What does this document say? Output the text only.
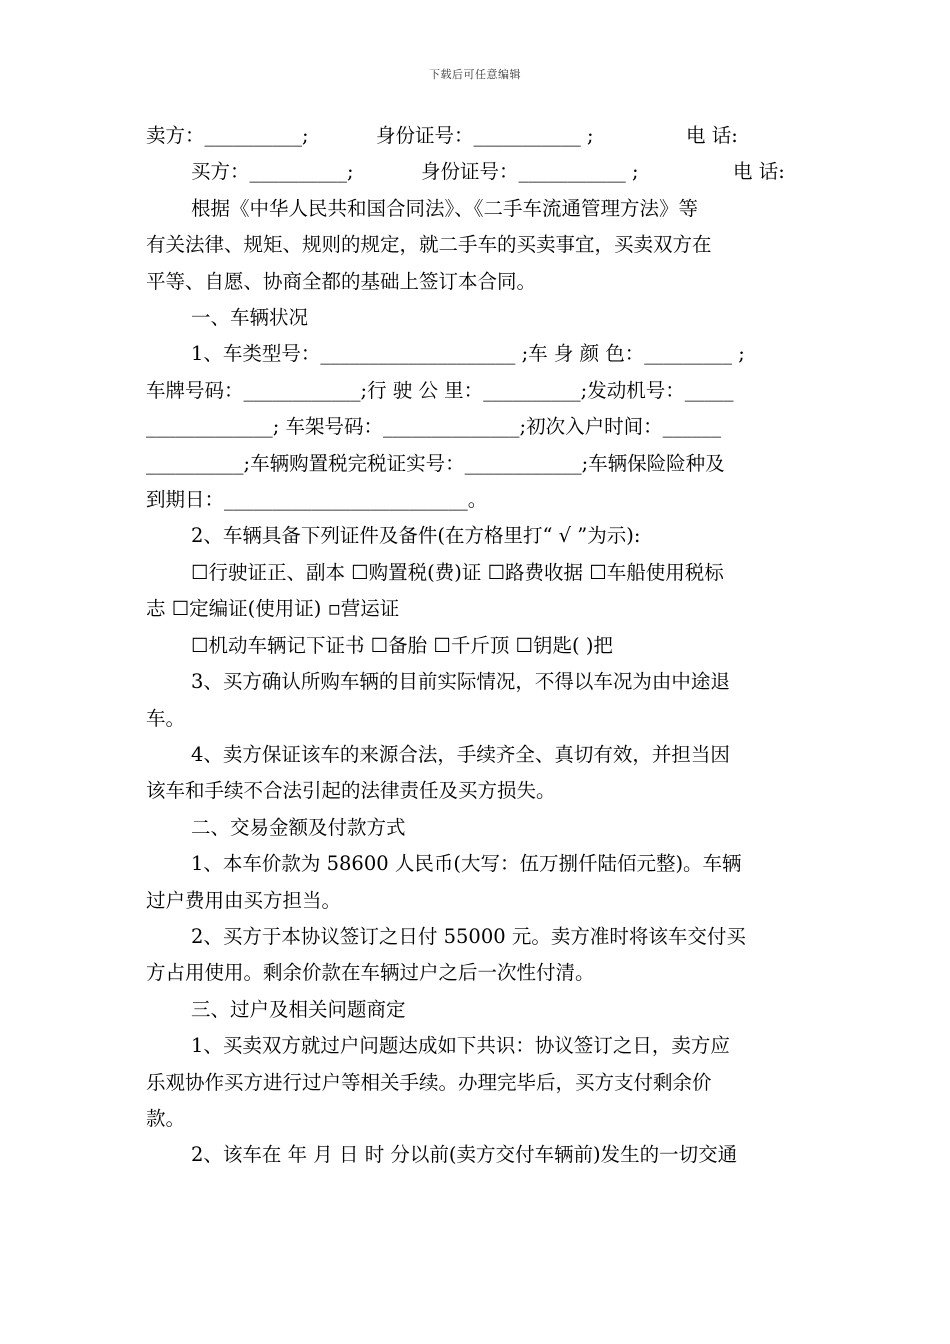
下载后可任意编辑
卖方：__________;	身份证号：___________ ;	电 话:
买方：__________;	身份证号：___________ ;	电 话:
根据《中华人民共和国合同法》、《二手车流通管理方法》等
有关法律、规矩、规则的规定，就二手车的买卖事宜，买卖双方在
平等、自愿、协商全都的基础上签订本合同。
一、车辆状况
1、车类型号：____________________ ;车 身 颜 色：_________ ;
车牌号码：____________;行 驶 公 里：__________;发动机号：_____
_____________; 车架号码：______________;初次入户时间：______
__________;车辆购置税完税证实号：____________;车辆保险险种及
到期日：_________________________。
2、车辆具备下列证件及备件(在方格里打“ √ ”为示):
☐行驶证正、副本 ☐购置税(费)证 ☐路费收据 ☐车船使用税标
志 ☐定编证(使用证) ▫营运证
☐机动车辆记下证书 ☐备胎 ☐千斤顶 ☐钥匙( )把
3、买方确认所购车辆的目前实际情况，不得以车况为由中途退
车。
4、卖方保证该车的来源合法，手续齐全、真切有效，并担当因
该车和手续不合法引起的法律责任及买方损失。
二、交易金额及付款方式
1、本车价款为 58600 人民币(大写：伍万捌仟陆佰元整)。车辆
过户费用由买方担当。
2、买方于本协议签订之日付 55000 元。卖方准时将该车交付买
方占用使用。剩余价款在车辆过户之后一次性付清。
三、过户及相关问题商定
1、买卖双方就过户问题达成如下共识：协议签订之日，卖方应
乐观协作买方进行过户等相关手续。办理完毕后，买方支付剩余价
款。
2、该车在 年 月 日 时 分以前(卖方交付车辆前)发生的一切交通
